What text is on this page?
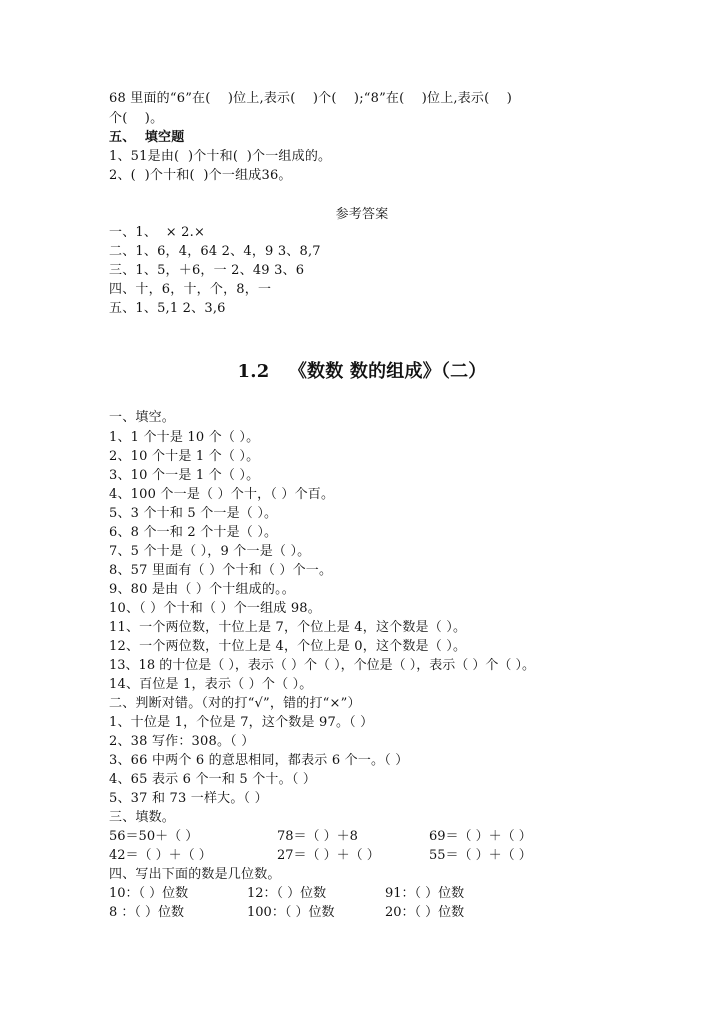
68 里面的“6”在(    )位上,表示(    )个(    );“8”在(    )位上,表示(    )
个(    )。
五、  填空题
1、51是由(  )个十和(  )个一组成的。
2、(  )个十和(  )个一组成36。
参考答案
一、1、  × 2.×
二、1、6，4，64 2、4，9 3、8,7
三、1、5，＋6，一 2、49 3、6
四、十，6，十，个，8，一
五、1、5,1 2、3,6
1.2   《数数 数的组成》（二）
一、填空。
1、1 个十是 10 个（ ）。
2、10 个十是 1 个（ ）。
3、10 个一是 1 个（ ）。
4、100 个一是（ ）个十，（ ）个百。
5、3 个十和 5 个一是（ ）。
6、8 个一和 2 个十是（ ）。
7、5 个十是（ ），9 个一是（ ）。
8、57 里面有（ ）个十和（ ）个一。
9、80 是由（ ）个十组成的。。
10、（ ）个十和（ ）个一组成 98。
11、一个两位数，十位上是 7，个位上是 4，这个数是（ ）。
12、一个两位数，十位上是 4，个位上是 0，这个数是（ ）。
13、18 的十位是（ ），表示（ ）个（ ），个位是（ ），表示（ ）个（ ）。
14、百位是 1，表示（ ）个（ ）。
二、判断对错。（对的打“√”，错的打“×”）
1、十位是 1，个位是 7，这个数是 97。（ ）
2、38 写作：308。（ ）
3、66 中两个 6 的意思相同，都表示 6 个一。（ ）
4、65 表示 6 个一和 5 个十。（ ）
5、37 和 73 一样大。（ ）
三、填数。
56＝50＋（ ）	78＝（ ）＋8	69＝（ ）＋（ ）
42＝（ ）＋（ ）	27＝（ ）＋（ ）	55＝（ ）＋（ ）
四、写出下面的数是几位数。
10：（ ）位数	12：（ ）位数	91：（ ）位数
8 ：（ ）位数	100：（ ）位数	20：（ ）位数
